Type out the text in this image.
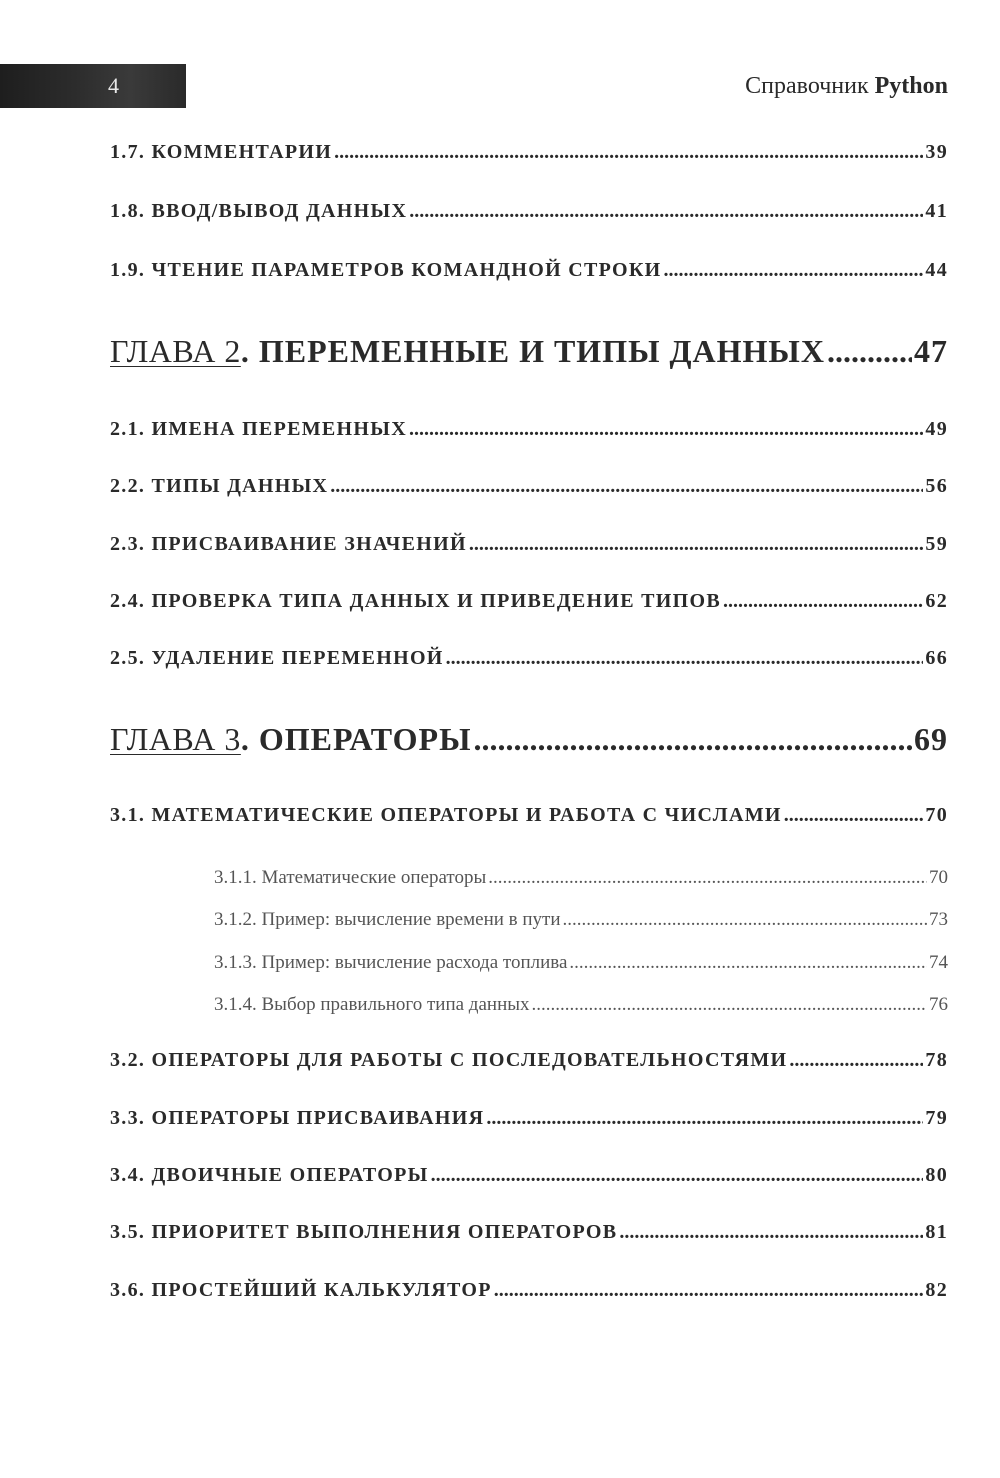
4	Справочник Python
1.7. КОММЕНТАРИИ .....	39
1.8. ВВОД/ВЫВОД ДАННЫХ .....	41
1.9. ЧТЕНИЕ ПАРАМЕТРОВ КОМАНДНОЙ СТРОКИ .....	44
ГЛАВА 2. ПЕРЕМЕННЫЕ И ТИПЫ ДАННЫХ .....	47
2.1. ИМЕНА ПЕРЕМЕННЫХ .....	49
2.2. ТИПЫ ДАННЫХ .....	56
2.3. ПРИСВАИВАНИЕ ЗНАЧЕНИЙ .....	59
2.4. ПРОВЕРКА ТИПА ДАННЫХ И ПРИВЕДЕНИЕ ТИПОВ .....	62
2.5. УДАЛЕНИЕ ПЕРЕМЕННОЙ .....	66
ГЛАВА 3. ОПЕРАТОРЫ .....	69
3.1. МАТЕМАТИЧЕСКИЕ ОПЕРАТОРЫ И РАБОТА С ЧИСЛАМИ .....	70
3.1.1. Математические операторы .....	70
3.1.2. Пример: вычисление времени в пути .....	73
3.1.3. Пример: вычисление расхода топлива .....	74
3.1.4. Выбор правильного типа данных .....	76
3.2. ОПЕРАТОРЫ ДЛЯ РАБОТЫ С ПОСЛЕДОВАТЕЛЬНОСТЯМИ .....	78
3.3. ОПЕРАТОРЫ ПРИСВАИВАНИЯ .....	79
3.4. ДВОИЧНЫЕ ОПЕРАТОРЫ .....	80
3.5. ПРИОРИТЕТ ВЫПОЛНЕНИЯ ОПЕРАТОРОВ .....	81
3.6. ПРОСТЕЙШИЙ КАЛЬКУЛЯТОР .....	82
